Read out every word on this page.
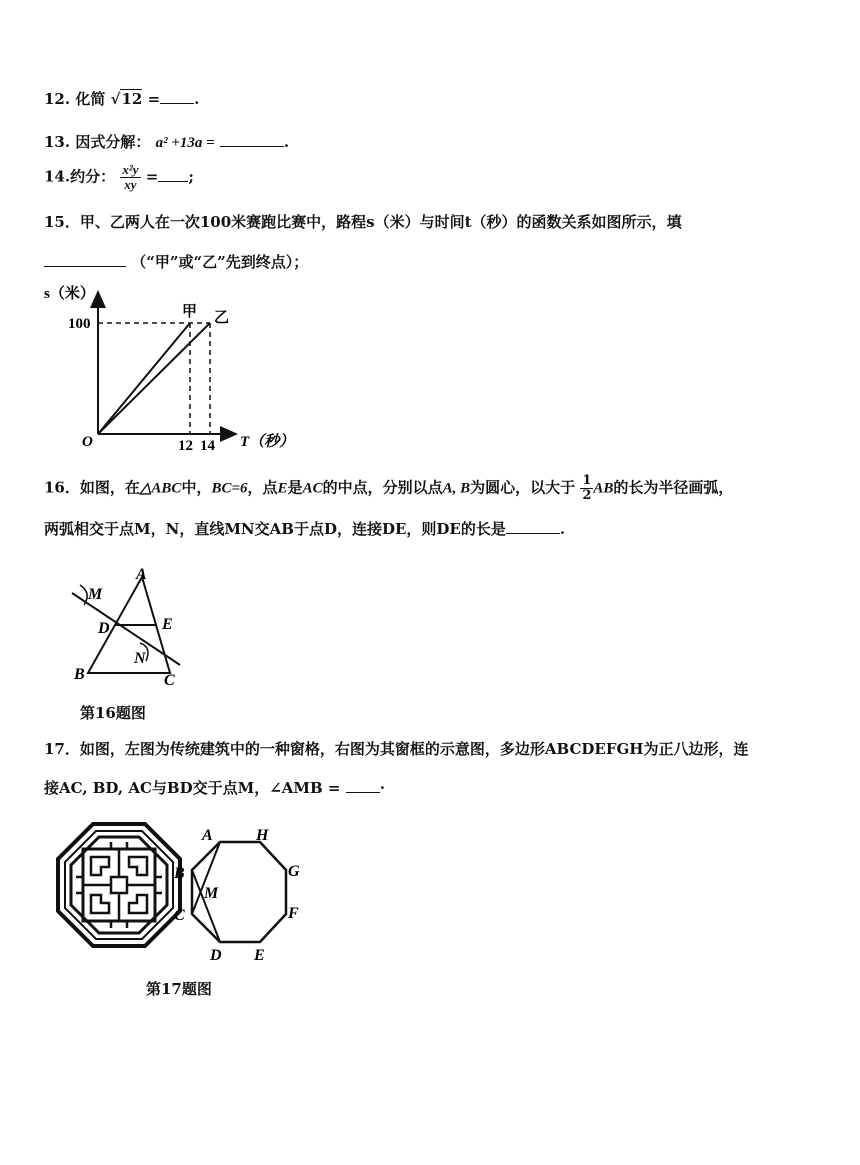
12. 化简 √12 = .
13. 因式分解： a² +13a =	.
14.约分： $\frac{\text{x²y}}{xy}$ = ;
15．甲、乙两人在一次100米赛跑比赛中，路程s（米）与时间t（秒）的函数关系如图所示，填
（“甲”或“乙”先到终点）；
s（米）
100
O	12 14 T（秒）
甲 乙
16．如图，在△ABC中，BC=6，点E是AC的中点，分别以点A, B为圆心，以大于 $\frac{1}{2}$ AB的长为半径画弧，
两弧相交于点M，N，直线MN交AB于点D，连接DE，则DE的长是	.
A
M
D	E
N
B	C
第16题图
17．如图，左图为传统建筑中的一种窗格，右图为其窗框的示意图，多边形ABCDEFGH为正八边形，连
接AC, BD, AC与BD交于点M，∠AMB =	·
A	H
G
F
E
D
C
B
M
第17题图
